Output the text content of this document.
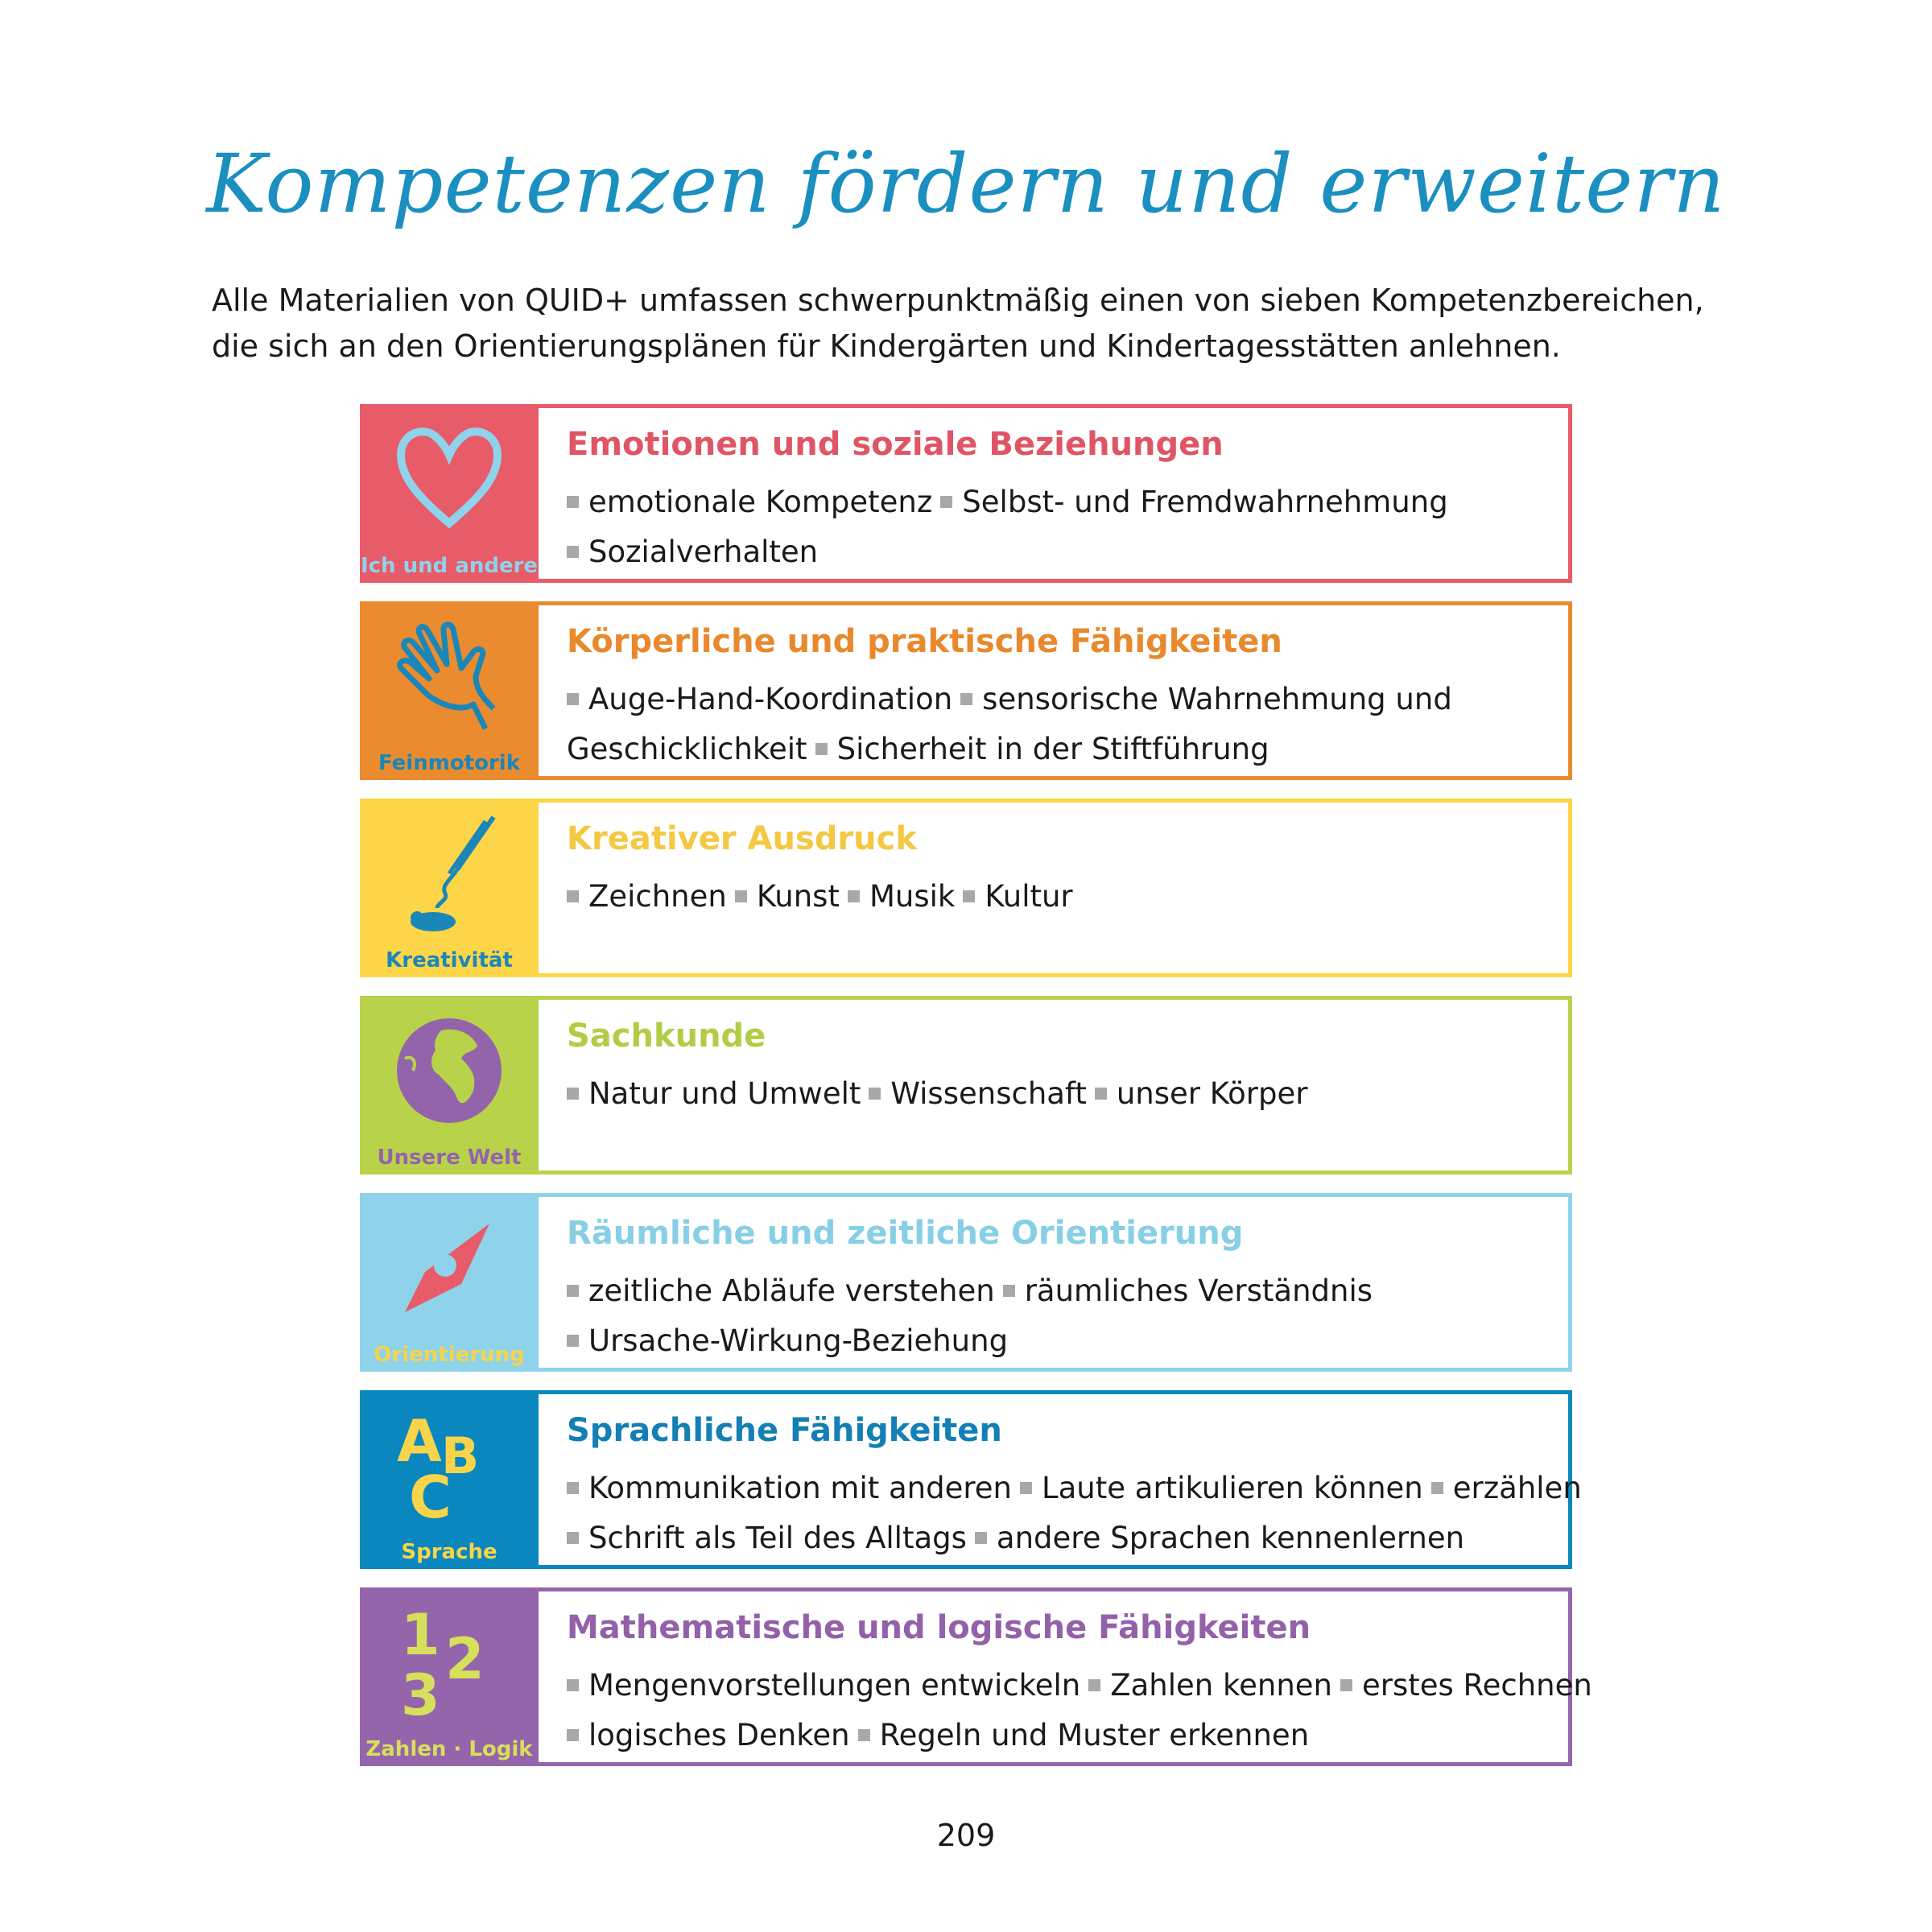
Kompetenzen fördern und erweitern
Alle Materialien von QUID+ umfassen schwerpunktmäßig einen von sieben Kompetenzbereichen, die sich an den Orientierungsplänen für Kindergärten und Kindertagesstätten anlehnen.
Ich und andere
Emotionen und soziale Beziehungen
emotionale Kompetenz Selbst- und Fremdwahrnehmung
Sozialverhalten
Feinmotorik
Körperliche und praktische Fähigkeiten
Auge-Hand-Koordination sensorische Wahrnehmung und
Geschicklichkeit Sicherheit in der Stiftführung
Kreativität
Kreativer Ausdruck
Zeichnen Kunst Musik Kultur
Unsere Welt
Sachkunde
Natur und Umwelt Wissenschaft unser Körper
Orientierung
Räumliche und zeitliche Orientierung
zeitliche Abläufe verstehen räumliches Verständnis
Ursache-Wirkung-Beziehung
A B
C
Sprache
Sprachliche Fähigkeiten
Kommunikation mit anderen Laute artikulieren können erzählen
Schrift als Teil des Alltags andere Sprachen kennenlernen
1 2
3
Zahlen · Logik
Mathematische und logische Fähigkeiten
Mengenvorstellungen entwickeln Zahlen kennen erstes Rechnen
logisches Denken Regeln und Muster erkennen
209
